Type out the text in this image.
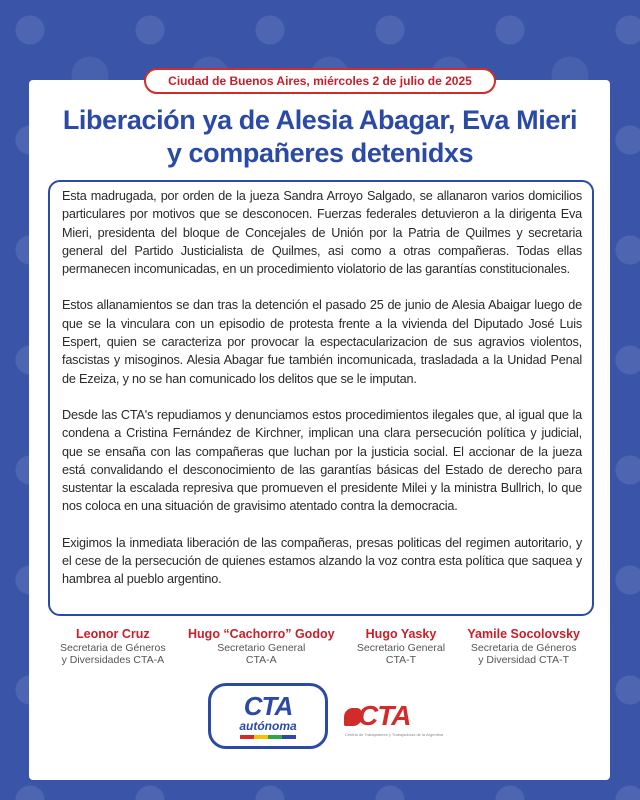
Ciudad de Buenos Aires, miércoles 2 de julio de 2025
Liberación ya de Alesia Abagar, Eva Mieri
y compañeres detenidxs

Esta madrugada, por orden de la jueza Sandra Arroyo Salgado, se allanaron varios domicilios particulares por motivos que se desconocen. Fuerzas federales detuvieron a la dirigenta Eva Mieri, presidenta del bloque de Concejales de Unión por la Patria de Quilmes y secretaria general del Partido Justicialista de Quilmes, asi como a otras compañeras. Todas ellas permanecen incomunicadas, en un procedimiento violatorio de las garantías constitucionales.

Estos allanamientos se dan tras la detención el pasado 25 de junio de Alesia Abaigar luego de que se la vinculara con un episodio de protesta frente a la vivienda del Diputado José Luis Espert, quien se caracteriza por provocar la espectacularizacion de sus agravios violentos, fascistas y misoginos. Alesia Abagar fue también incomunicada, trasladada a la Unidad Penal de Ezeiza, y no se han comunicado los delitos que se le imputan.

Desde las CTA's repudiamos y denunciamos estos procedimientos ilegales que, al igual que la condena a Cristina Fernández de Kirchner, implican una clara persecución política y judicial, que se ensaña con las compañeras que luchan por la justicia social. El accionar de la jueza está convalidando el desconocimiento de las garantías básicas del Estado de derecho para sustentar la escalada represiva que promueven el presidente Milei y la ministra Bullrich, lo que nos coloca en una situación de gravisimo atentado contra la democracia.

Exigimos la inmediata liberación de las compañeras, presas politicas del regimen autoritario, y el cese de la persecución de quienes estamos alzando la voz contra esta política que saquea y hambrea al pueblo argentino.

Leonor Cruz
Secretaria de Géneros
y Diversidades CTA-A
Hugo “Cachorro” Godoy
Secretario General
CTA-A
Hugo Yasky
Secretario General
CTA-T
Yamile Socolovsky
Secretaria de Géneros
y Diversidad CTA-T
CTA
autónoma CTA
Central de Trabajadores y Trabajadoras de la Argentina
